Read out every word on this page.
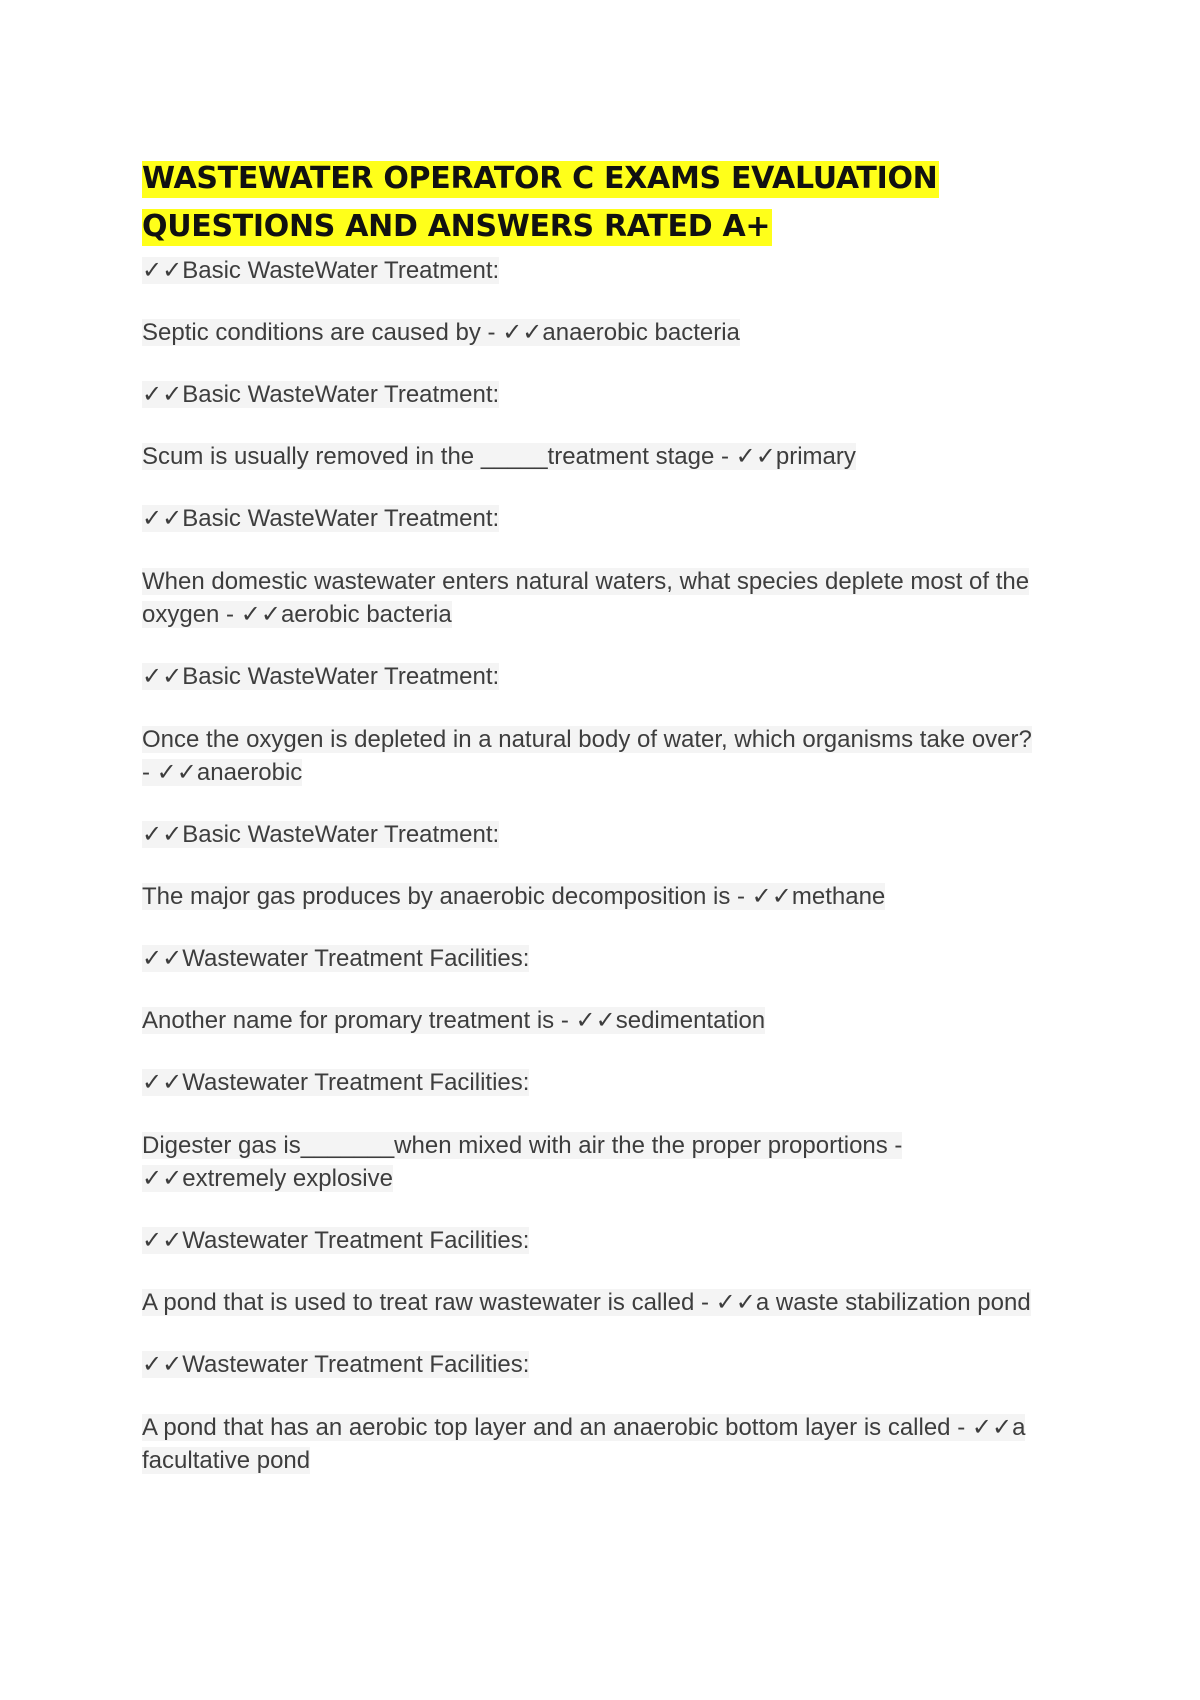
WASTEWATER OPERATOR C EXAMS EVALUATION
QUESTIONS AND ANSWERS RATED A+
✓✓Basic WasteWater Treatment:
Septic conditions are caused by - ✓✓anaerobic bacteria
✓✓Basic WasteWater Treatment:
Scum is usually removed in the _____treatment stage - ✓✓primary
✓✓Basic WasteWater Treatment:
When domestic wastewater enters natural waters, what species deplete most of the oxygen - ✓✓aerobic bacteria
✓✓Basic WasteWater Treatment:
Once the oxygen is depleted in a natural body of water, which organisms take over? - ✓✓anaerobic
✓✓Basic WasteWater Treatment:
The major gas produces by anaerobic decomposition is - ✓✓methane
✓✓Wastewater Treatment Facilities:
Another name for promary treatment is - ✓✓sedimentation
✓✓Wastewater Treatment Facilities:
Digester gas is_______when mixed with air the the proper proportions - ✓✓extremely explosive
✓✓Wastewater Treatment Facilities:
A pond that is used to treat raw wastewater is called - ✓✓a waste stabilization pond
✓✓Wastewater Treatment Facilities:
A pond that has an aerobic top layer and an anaerobic bottom layer is called - ✓✓a facultative pond
